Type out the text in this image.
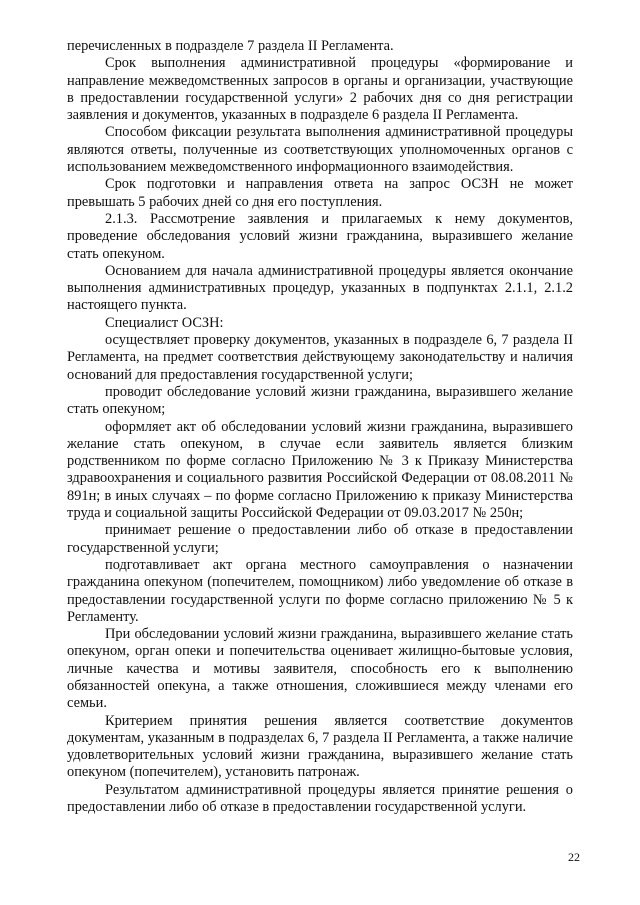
перечисленных в подразделе 7 раздела II Регламента.

Срок выполнения административной процедуры «формирование и направление межведомственных запросов в органы и организации, участвующие в предоставлении государственной услуги» 2 рабочих дня со дня регистрации заявления и документов, указанных в подразделе 6 раздела II Регламента.

Способом фиксации результата выполнения административной процедуры являются ответы, полученные из соответствующих уполномоченных органов с использованием межведомственного информационного взаимодействия.

Срок подготовки и направления ответа на запрос ОСЗН не может превышать 5 рабочих дней со дня его поступления.

2.1.3. Рассмотрение заявления и прилагаемых к нему документов, проведение обследования условий жизни гражданина, выразившего желание стать опекуном.

Основанием для начала административной процедуры является окончание выполнения административных процедур, указанных в подпунктах 2.1.1, 2.1.2 настоящего пункта.

Специалист ОСЗН:

осуществляет проверку документов, указанных в подразделе 6, 7 раздела II Регламента, на предмет соответствия действующему законодательству и наличия оснований для предоставления государственной услуги;

проводит обследование условий жизни гражданина, выразившего желание стать опекуном;

оформляет акт об обследовании условий жизни гражданина, выразившего желание стать опекуном, в случае если заявитель является близким родственником по форме согласно Приложению № 3 к Приказу Министерства здравоохранения и социального развития Российской Федерации от 08.08.2011 № 891н; в иных случаях – по форме согласно Приложению к приказу Министерства труда и социальной защиты Российской Федерации от 09.03.2017 № 250н;

принимает решение о предоставлении либо об отказе в предоставлении государственной услуги;

подготавливает акт органа местного самоуправления о назначении гражданина опекуном (попечителем, помощником) либо уведомление об отказе в предоставлении государственной услуги по форме согласно приложению № 5 к Регламенту.

При обследовании условий жизни гражданина, выразившего желание стать опекуном, орган опеки и попечительства оценивает жилищно-бытовые условия, личные качества и мотивы заявителя, способность его к выполнению обязанностей опекуна, а также отношения, сложившиеся между членами его семьи.

Критерием принятия решения является соответствие документов документам, указанным в подразделах 6, 7 раздела II Регламента, а также наличие удовлетворительных условий жизни гражданина, выразившего желание стать опекуном (попечителем), установить патронаж.

Результатом административной процедуры является принятие решения о предоставлении либо об отказе в предоставлении государственной услуги.

22
